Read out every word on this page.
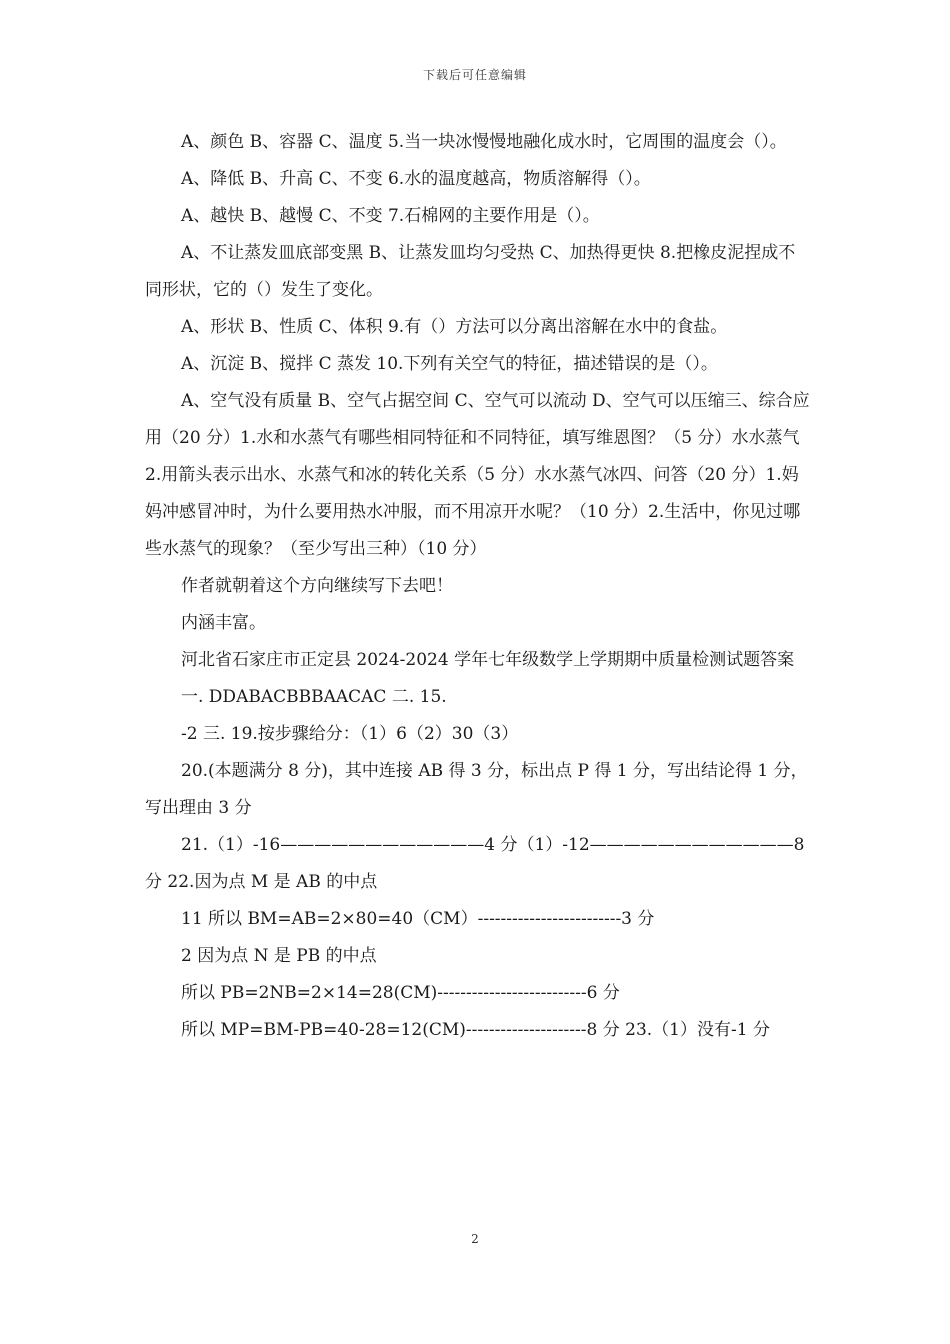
下载后可任意编辑

A、颜色 B、容器 C、温度 5.当一块冰慢慢地融化成水时，它周围的温度会（）。

A、降低 B、升高 C、不变 6.水的温度越高，物质溶解得（）。

A、越快 B、越慢 C、不变 7.石棉网的主要作用是（）。

A、不让蒸发皿底部变黑 B、让蒸发皿均匀受热 C、加热得更快 8.把橡皮泥捏成不同形状，它的（）发生了变化。

A、形状 B、性质 C、体积 9.有（）方法可以分离出溶解在水中的食盐。

A、沉淀 B、搅拌 C 蒸发 10.下列有关空气的特征，描述错误的是（）。

A、空气没有质量 B、空气占据空间 C、空气可以流动 D、空气可以压缩三、综合应用（20 分）1.水和水蒸气有哪些相同特征和不同特征，填写维恩图？（5 分）水水蒸气 2.用箭头表示出水、水蒸气和冰的转化关系（5 分）水水蒸气冰四、问答（20 分）1.妈妈冲感冒冲时，为什么要用热水冲服，而不用凉开水呢？（10 分）2.生活中，你见过哪些水蒸气的现象？（至少写出三种）（10 分）

作者就朝着这个方向继续写下去吧！

内涵丰富。

河北省石家庄市正定县 2024-2024 学年七年级数学上学期期中质量检测试题答案

一. DDABACBBBAACAC 二. 15.

-2 三. 19.按步骤给分：（1）6（2）30（3）

20.(本题满分 8 分)，其中连接 AB 得 3 分，标出点 P 得 1 分，写出结论得 1 分，写出理由 3 分

21.（1）-16————————————4 分（1）-12————————————8 分 22.因为点 M 是 AB 的中点

11 所以 BM=AB=2×80=40（CM）-------------------------3 分

2 因为点 N 是 PB 的中点

所以 PB=2NB=2×14=28(CM)--------------------------6 分

所以 MP=BM-PB=40-28=12(CM)---------------------8 分 23.（1）没有-1 分

2
